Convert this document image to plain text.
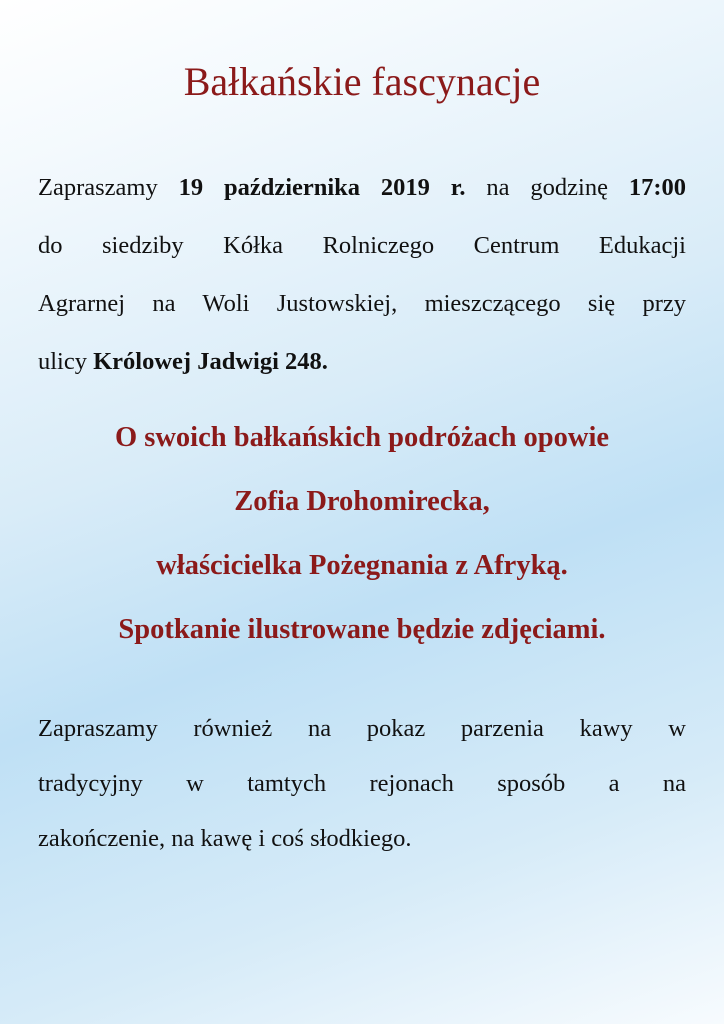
Bałkańskie fascynacje
Zapraszamy 19 października 2019 r. na godzinę 17:00
do siedziby Kółka Rolniczego Centrum Edukacji
Agrarnej na Woli Justowskiej, mieszczącego się przy
ulicy Królowej Jadwigi 248.
O swoich bałkańskich podróżach opowie
Zofia Drohomirecka,
właścicielka Pożegnania z Afryką.
Spotkanie ilustrowane będzie zdjęciami.
Zapraszamy również na pokaz parzenia kawy w
tradycyjny w tamtych rejonach sposób a na
zakończenie, na kawę i coś słodkiego.
